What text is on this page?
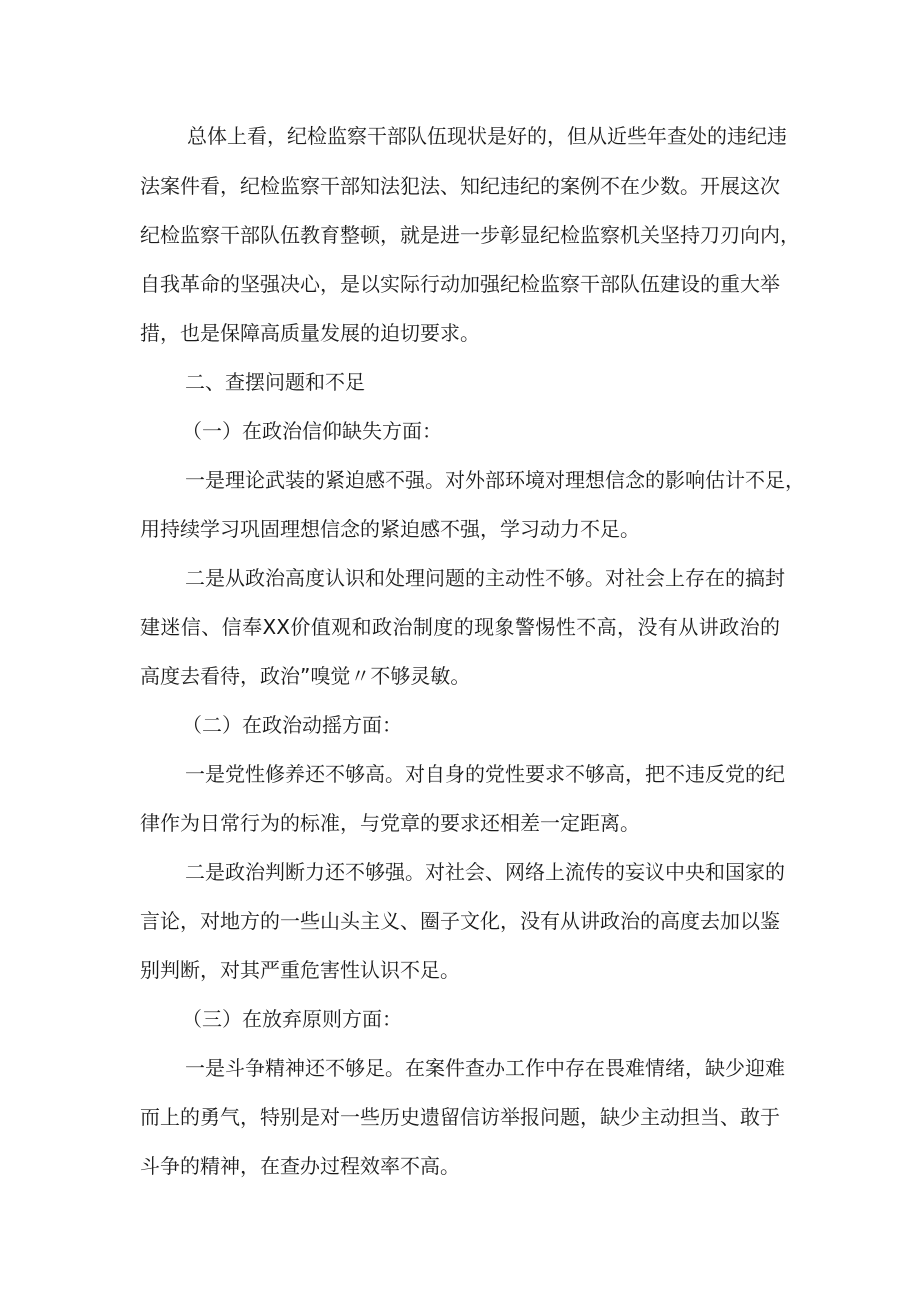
总体上看，纪检监察干部队伍现状是好的，但从近些年查处的违纪违
法案件看，纪检监察干部知法犯法、知纪违纪的案例不在少数。开展这次
纪检监察干部队伍教育整顿，就是进一步彰显纪检监察机关坚持刀刃向内，
自我革命的坚强决心，是以实际行动加强纪检监察干部队伍建设的重大举
措，也是保障高质量发展的迫切要求。
二、查摆问题和不足
（一）在政治信仰缺失方面：
一是理论武装的紧迫感不强。对外部环境对理想信念的影响估计不足，
用持续学习巩固理想信念的紧迫感不强，学习动力不足。
二是从政治高度认识和处理问题的主动性不够。对社会上存在的搞封
建迷信、信奉XX价值观和政治制度的现象警惕性不高，没有从讲政治的
高度去看待，政治”嗅觉〃不够灵敏。
（二）在政治动摇方面：
一是党性修养还不够高。对自身的党性要求不够高，把不违反党的纪
律作为日常行为的标准，与党章的要求还相差一定距离。
二是政治判断力还不够强。对社会、网络上流传的妄议中央和国家的
言论，对地方的一些山头主义、圈子文化，没有从讲政治的高度去加以鉴
别判断，对其严重危害性认识不足。
（三）在放弃原则方面：
一是斗争精神还不够足。在案件查办工作中存在畏难情绪，缺少迎难
而上的勇气，特别是对一些历史遗留信访举报问题，缺少主动担当、敢于
斗争的精神，在查办过程效率不高。
